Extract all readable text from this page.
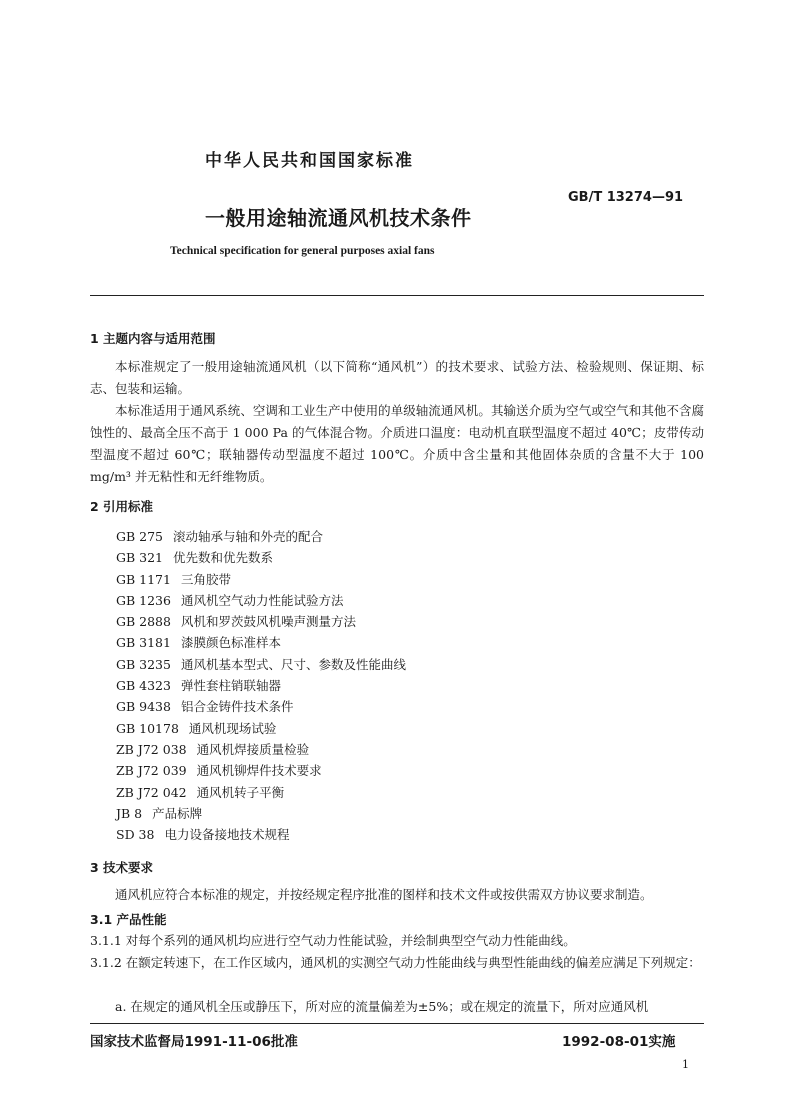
中华人民共和国国家标准
GB/T 13274—91
一般用途轴流通风机技术条件
Technical specification for general purposes axial fans
1 主题内容与适用范围
本标准规定了一般用途轴流通风机（以下简称“通风机”）的技术要求、试验方法、检验规则、保证期、标志、包装和运输。
本标准适用于通风系统、空调和工业生产中使用的单级轴流通风机。其输送介质为空气或空气和其他不含腐蚀性的、最高全压不高于 1 000 Pa 的气体混合物。介质进口温度：电动机直联型温度不超过 40℃；皮带传动型温度不超过 60℃；联轴器传动型温度不超过 100℃。介质中含尘量和其他固体杂质的含量不大于 100 mg/m³ 并无粘性和无纤维物质。
2 引用标准
GB 275 滚动轴承与轴和外壳的配合
GB 321 优先数和优先数系
GB 1171 三角胶带
GB 1236 通风机空气动力性能试验方法
GB 2888 风机和罗茨鼓风机噪声测量方法
GB 3181 漆膜颜色标准样本
GB 3235 通风机基本型式、尺寸、参数及性能曲线
GB 4323 弹性套柱销联轴器
GB 9438 铝合金铸件技术条件
GB 10178 通风机现场试验
ZB J72 038 通风机焊接质量检验
ZB J72 039 通风机铆焊件技术要求
ZB J72 042 通风机转子平衡
JB 8 产品标牌
SD 38 电力设备接地技术规程
3 技术要求
通风机应符合本标准的规定，并按经规定程序批准的图样和技术文件或按供需双方协议要求制造。
3.1 产品性能
3.1.1 对每个系列的通风机均应进行空气动力性能试验，并绘制典型空气动力性能曲线。
3.1.2 在额定转速下，在工作区域内，通风机的实测空气动力性能曲线与典型性能曲线的偏差应满足下列规定：
a. 在规定的通风机全压或静压下，所对应的流量偏差为±5%；或在规定的流量下，所对应通风机
国家技术监督局1991-11-06批准	1992-08-01实施
1
